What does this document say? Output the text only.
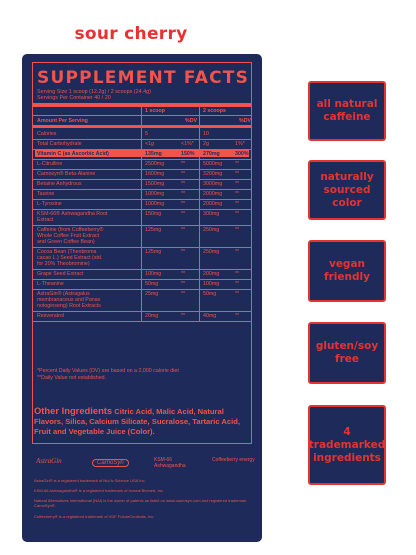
sour cherry
SUPPLEMENT FACTS
Serving Size 1 scoop (12.2g) / 2 scoops (24.4g)
Servings Per Container 40 / 20
1 scoop	2 scoops
Amount Per Serving	%DV	%DV
Calories	5	10
Total Carbohydrate	<1g	<1%* 2g	1%*
Vitamin C (as Ascorbic Acid)	135mg	150% 270mg	300%
L-Citrulline	2500mg	**	5000mg **
Carnosyn® Beta-Alanine	1600mg	**	3200mg **
Betaine Anhydrous	1500mg	**	3000mg **
Taurine	1000mg	**	2000mg **
L-Tyrosine	1000mg	**	2000mg **
KSM-66® Ashwagandha Root
Extract
150mg	**	300mg	**
Caffeine (from Coffeeberry®
Whole Coffee Fruit Extract
and Green Coffee Bean)
125mg	**	250mg	**
Cocoa Bean (Theobroma
cacao L.) Seed Extract (std.
for 20% Theobromine)
125mg	**	250mg	**
Grape Seed Extract	100mg	**	200mg	**
L-Theanine	50mg	**	100mg	**
AstraGin® (Astragalus
membranaceus and Panax
notoginseng) Root Extracts
25mg	**	50mg	**
Resveratrol	20mg	**	40mg	**
*Percent Daily Values (DV) are based on a 2,000 calorie diet
**Daily Value not established.
Other Ingredients Citric Acid, Malic Acid, Natural Flavors, Silica, Calcium Silicate, Sucralose, Tartaric Acid, Fruit and Vegetable Juice (Color).
AstraGin	CarnoSyn	KSM-66 Ashwagandha
Coffeeberry energy
AstraGin® is a registered trademark of NuLiv Science USA Inc.
KSM-66 Ashwagandha® is a registered trademark of Ixoreal Biomed, Inc.
Natural Alternatives International (NAI) is the owner of patents as listed on www.carnosyn.com and registered trademark CarnoSyn®.
Coffeeberry® is a registered trademark of VDF FutureCeuticals, Inc.
all natural caffeine
naturally sourced color
vegan friendly
gluten/soy free
4 trademarked ingredients
